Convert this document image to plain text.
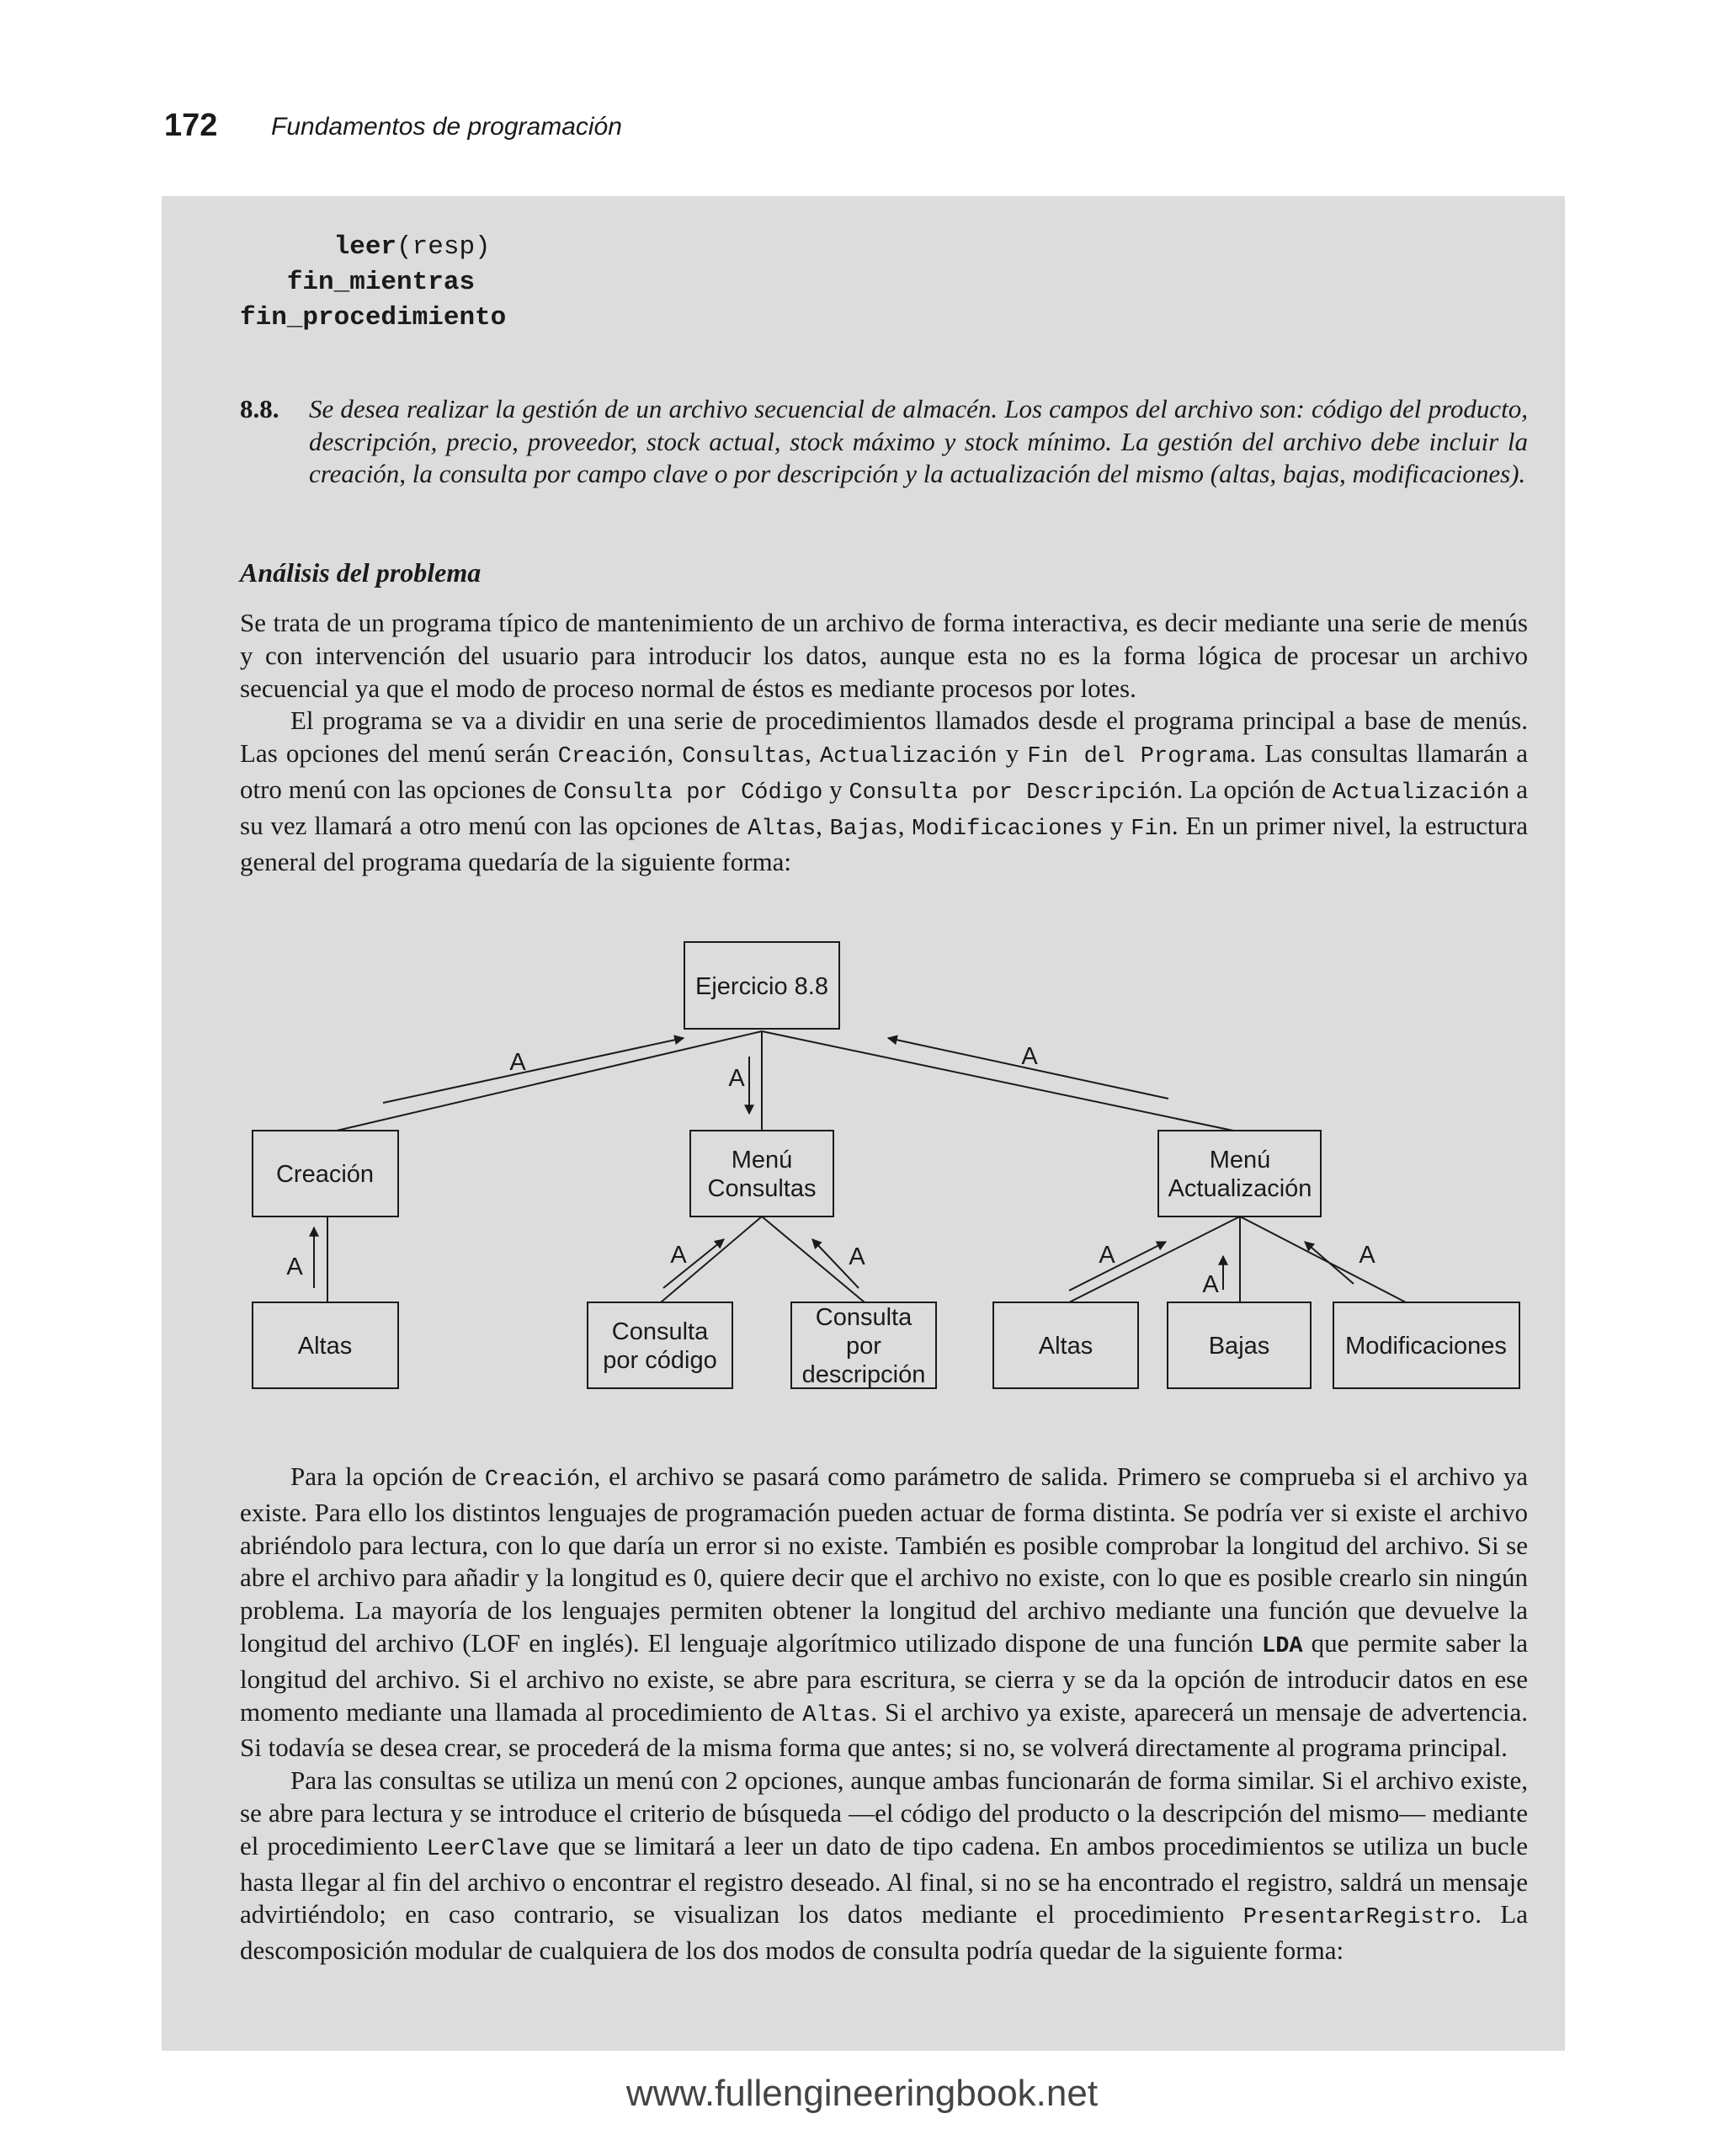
172 Fundamentos de programación
leer(resp)
fin_mientras
fin_procedimiento
8.8. Se desea realizar la gestión de un archivo secuencial de almacén. Los campos del archivo son: código del producto, descripción, precio, proveedor, stock actual, stock máximo y stock mínimo. La gestión del archivo debe incluir la creación, la consulta por campo clave o por descripción y la actualización del mismo (altas, bajas, modificaciones).
Análisis del problema

Se trata de un programa típico de mantenimiento de un archivo de forma interactiva, es decir mediante una serie de menús y con intervención del usuario para introducir los datos, aunque esta no es la forma lógica de procesar un archivo secuencial ya que el modo de proceso normal de éstos es mediante procesos por lotes.

El programa se va a dividir en una serie de procedimientos llamados desde el programa principal a base de menús. Las opciones del menú serán Creación, Consultas, Actualización y Fin del Programa. Las consultas llamarán a otro menú con las opciones de Consulta por Código y Consulta por Descripción. La opción de Actualización a su vez llamará a otro menú con las opciones de Altas, Bajas, Modificaciones y Fin. En un primer nivel, la estructura general del programa quedaría de la siguiente forma:

Ejercicio 8.8
Creación
Menú
Consultas
Menú
Actualización
Altas
Consulta
por código
Consulta
por
descripción
Altas	Bajas	Modificaciones
A
A
A
A	A	A	A
A
A

Para la opción de Creación, el archivo se pasará como parámetro de salida. Primero se comprueba si el archivo ya existe. Para ello los distintos lenguajes de programación pueden actuar de forma distinta. Se podría ver si existe el archivo abriéndolo para lectura, con lo que daría un error si no existe. También es posible comprobar la longitud del archivo. Si se abre el archivo para añadir y la longitud es 0, quiere decir que el archivo no existe, con lo que es posible crearlo sin ningún problema. La mayoría de los lenguajes permiten obtener la longitud del archivo mediante una función que devuelve la longitud del archivo (LOF en inglés). El lenguaje algorítmico utilizado dispone de una función LDA que permite saber la longitud del archivo. Si el archivo no existe, se abre para escritura, se cierra y se da la opción de introducir datos en ese momento mediante una llamada al procedimiento de Altas. Si el archivo ya existe, aparecerá un mensaje de advertencia. Si todavía se desea crear, se procederá de la misma forma que antes; si no, se volverá directamente al programa principal.

Para las consultas se utiliza un menú con 2 opciones, aunque ambas funcionarán de forma similar. Si el archivo existe, se abre para lectura y se introduce el criterio de búsqueda —el código del producto o la descripción del mismo— mediante el procedimiento LeerClave que se limitará a leer un dato de tipo cadena. En ambos procedimientos se utiliza un bucle hasta llegar al fin del archivo o encontrar el registro deseado. Al final, si no se ha encontrado el registro, saldrá un mensaje advirtiéndolo; en caso contrario, se visualizan los datos mediante el procedimiento PresentarRegistro. La descomposición modular de cualquiera de los dos modos de consulta podría quedar de la siguiente forma:

www.fullengineeringbook.net
